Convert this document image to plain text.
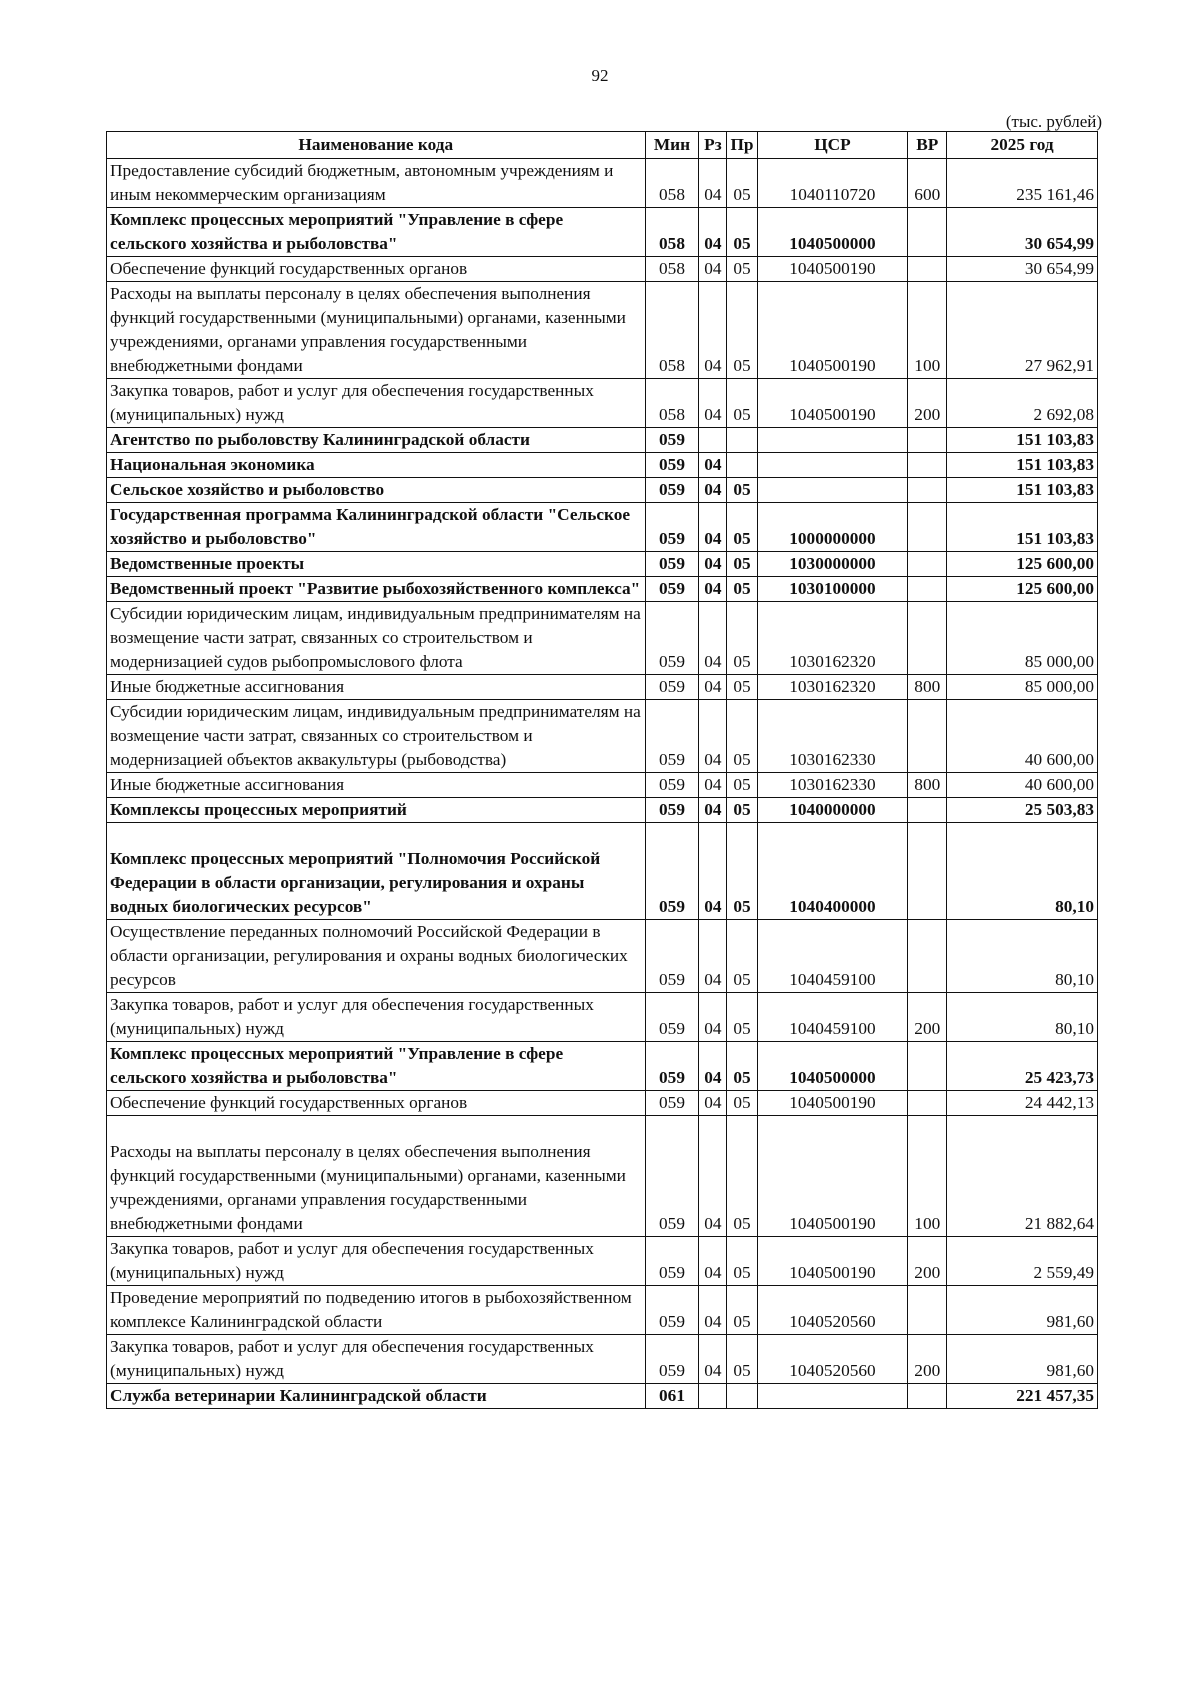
92
(тыс. рублей)
Наименование кода	Мин	Рз	Пр	ЦСР	ВР	2025 год
Предоставление субсидий бюджетным, автономным учреждениям и иным некоммерческим организациям	058	04	05	1040110720	600	235 161,46
Комплекс процессных мероприятий "Управление в сфере сельского хозяйства и рыболовства"	058	04	05	1040500000		30 654,99
Обеспечение функций государственных органов	058	04	05	1040500190		30 654,99
Расходы на выплаты персоналу в целях обеспечения выполнения функций государственными (муниципальными) органами, казенными учреждениями, органами управления государственными внебюджетными фондами	058	04	05	1040500190	100	27 962,91
Закупка товаров, работ и услуг для обеспечения государственных (муниципальных) нужд	058	04	05	1040500190	200	2 692,08
Агентство по рыболовству Калининградской области	059					151 103,83
Национальная экономика	059	04				151 103,83
Сельское хозяйство и рыболовство	059	04	05			151 103,83
Государственная программа Калининградской области "Сельское хозяйство и рыболовство"	059	04	05	1000000000		151 103,83
Ведомственные проекты	059	04	05	1030000000		125 600,00
Ведомственный проект "Развитие рыбохозяйственного комплекса"	059	04	05	1030100000		125 600,00
Субсидии юридическим лицам, индивидуальным предпринимателям на возмещение части затрат, связанных со строительством и модернизацией судов рыбопромыслового флота	059	04	05	1030162320		85 000,00
Иные бюджетные ассигнования	059	04	05	1030162320	800	85 000,00
Субсидии юридическим лицам, индивидуальным предпринимателям на возмещение части затрат, связанных со строительством и модернизацией объектов аквакультуры (рыбоводства)	059	04	05	1030162330		40 600,00
Иные бюджетные ассигнования	059	04	05	1030162330	800	40 600,00
Комплексы процессных мероприятий	059	04	05	1040000000		25 503,83
Комплекс процессных мероприятий "Полномочия Российской Федерации в области организации, регулирования и охраны водных биологических ресурсов"	059	04	05	1040400000		80,10
Осуществление переданных полномочий Российской Федерации в области организации, регулирования и охраны водных биологических ресурсов	059	04	05	1040459100		80,10
Закупка товаров, работ и услуг для обеспечения государственных (муниципальных) нужд	059	04	05	1040459100	200	80,10
Комплекс процессных мероприятий "Управление в сфере сельского хозяйства и рыболовства"	059	04	05	1040500000		25 423,73
Обеспечение функций государственных органов	059	04	05	1040500190		24 442,13
Расходы на выплаты персоналу в целях обеспечения выполнения функций государственными (муниципальными) органами, казенными учреждениями, органами управления государственными внебюджетными фондами	059	04	05	1040500190	100	21 882,64
Закупка товаров, работ и услуг для обеспечения государственных (муниципальных) нужд	059	04	05	1040500190	200	2 559,49
Проведение мероприятий по подведению итогов в рыбохозяйственном комплексе Калининградской области	059	04	05	1040520560		981,60
Закупка товаров, работ и услуг для обеспечения государственных (муниципальных) нужд	059	04	05	1040520560	200	981,60
Служба ветеринарии Калининградской области	061					221 457,35
